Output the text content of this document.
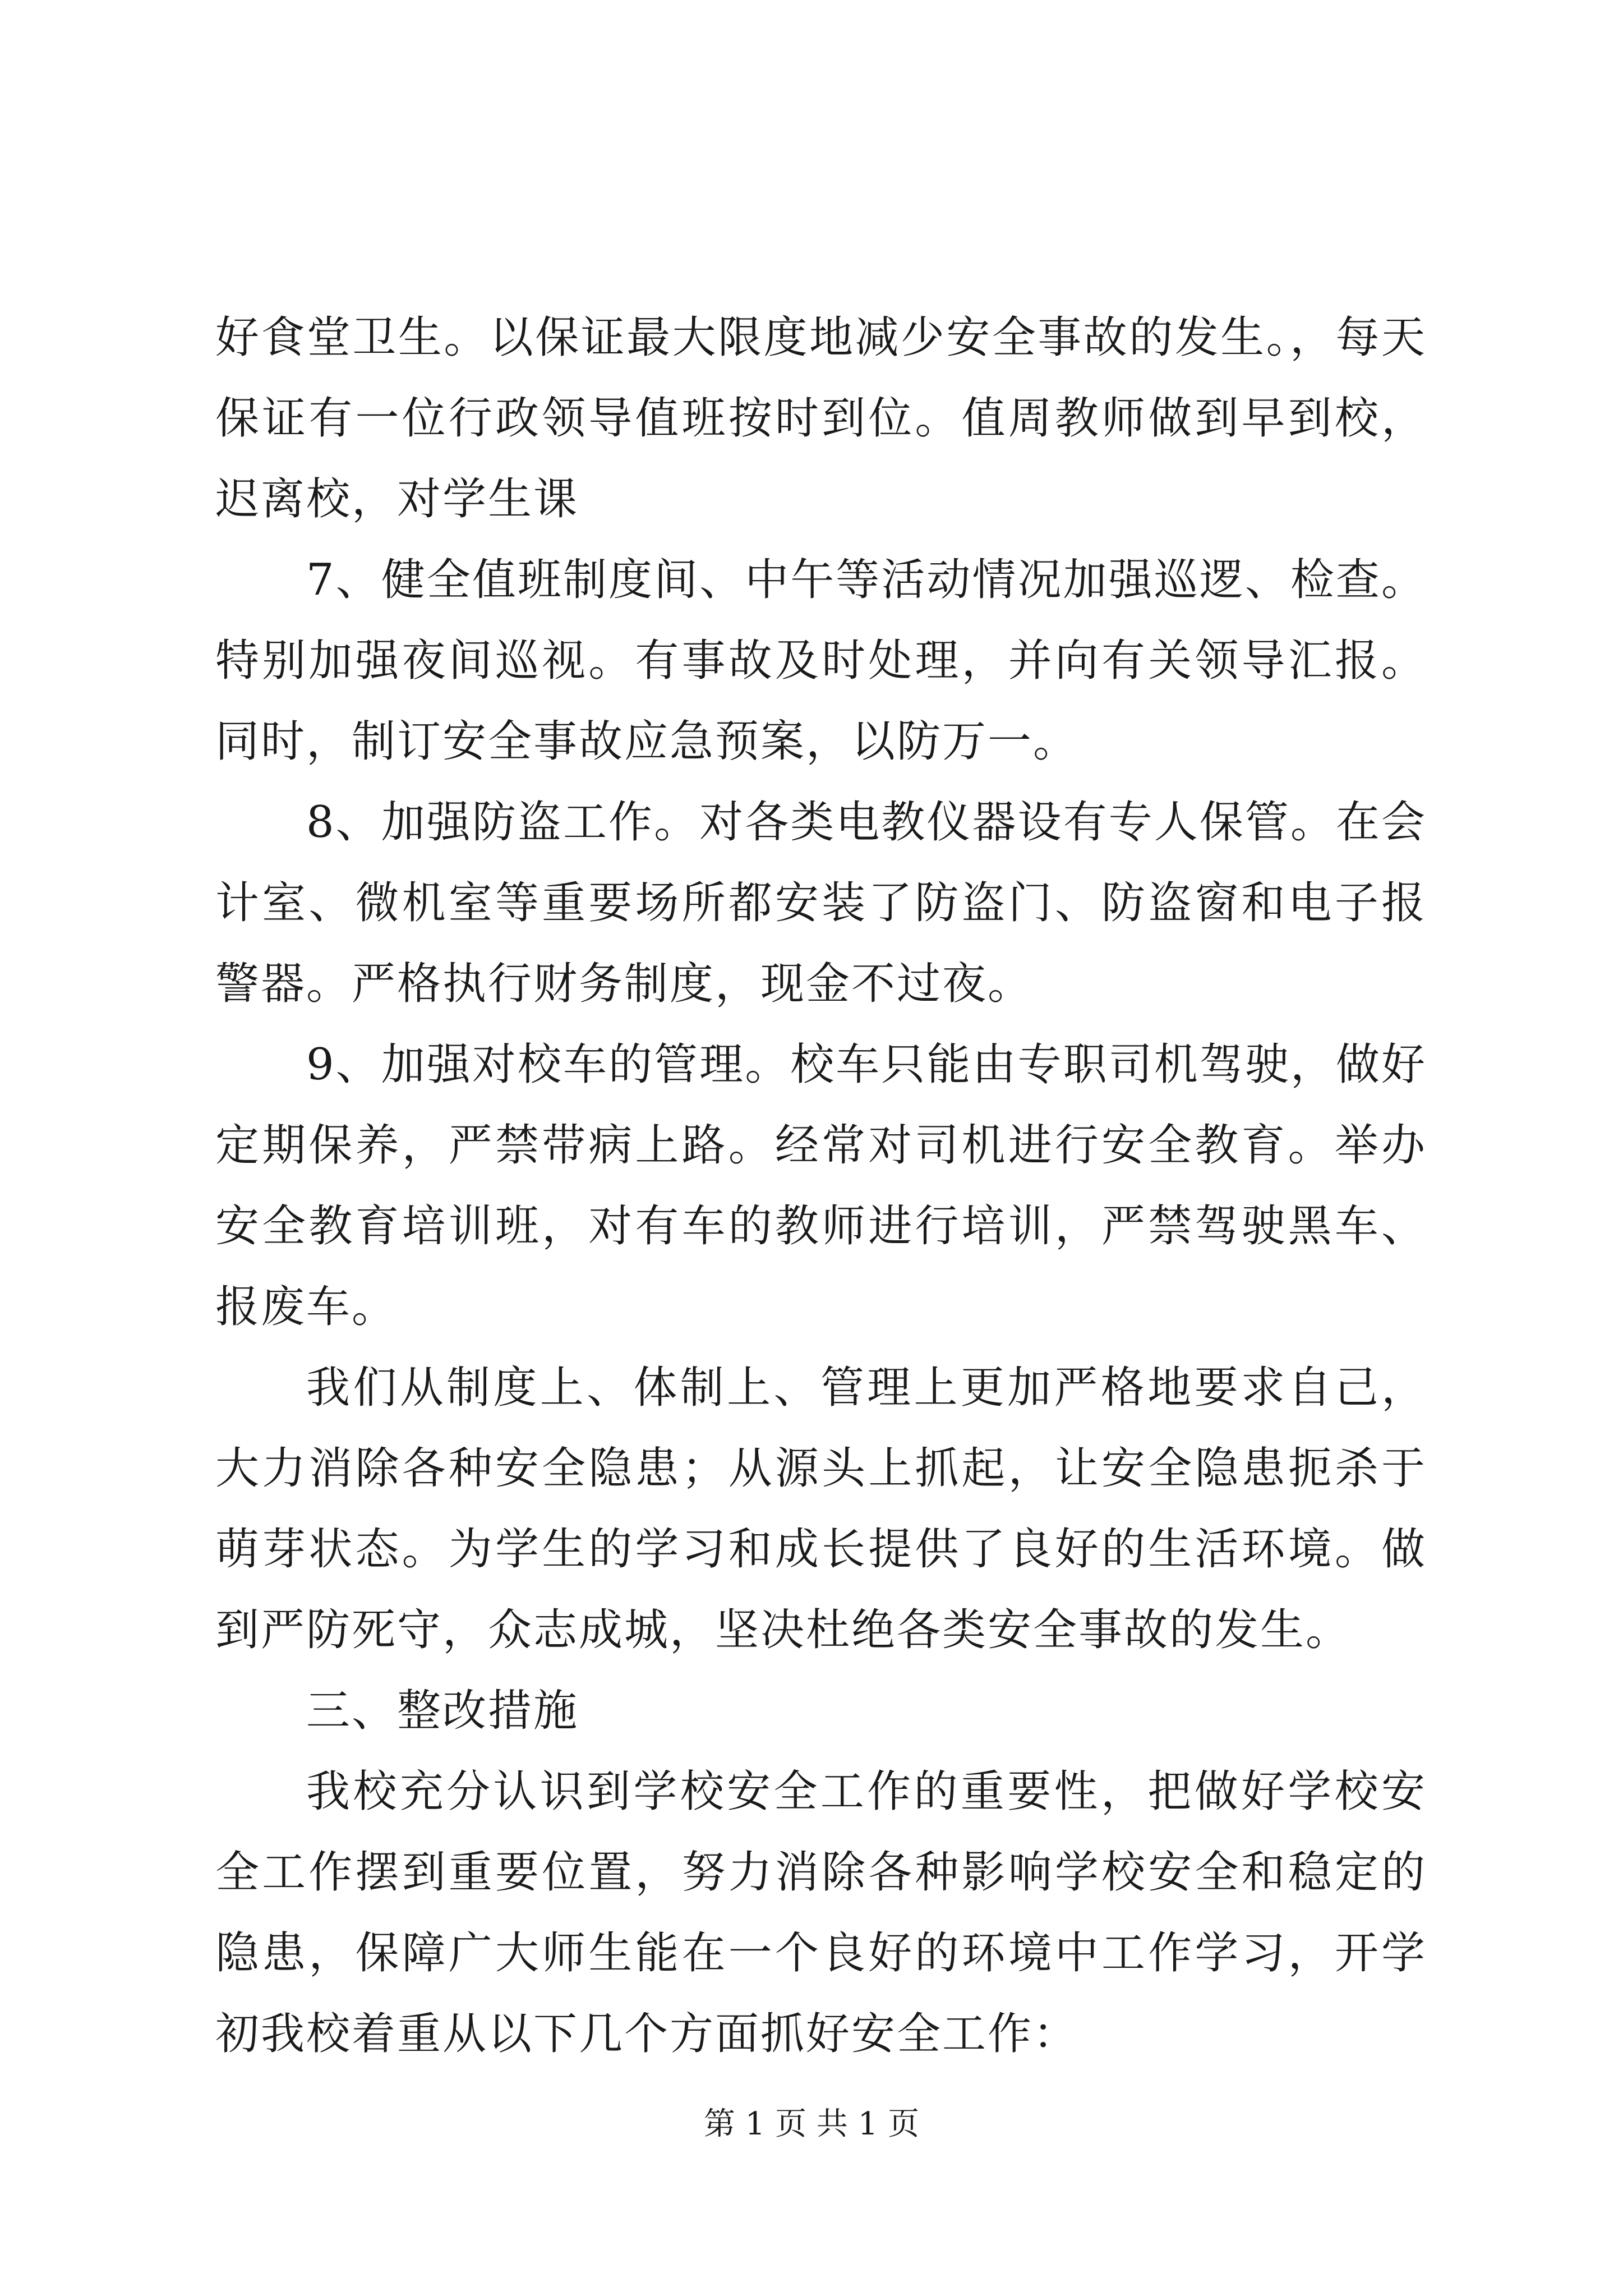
好食堂卫生。以保证最大限度地减少安全事故的发生。，每天保证有一位行政领导值班按时到位。值周教师做到早到校，迟离校，对学生课

7、健全值班制度间、中午等活动情况加强巡逻、检查。特别加强夜间巡视。有事故及时处理，并向有关领导汇报。同时，制订安全事故应急预案，以防万一。

8、加强防盗工作。对各类电教仪器设有专人保管。在会计室、微机室等重要场所都安装了防盗门、防盗窗和电子报警器。严格执行财务制度，现金不过夜。

9、加强对校车的管理。校车只能由专职司机驾驶，做好定期保养，严禁带病上路。经常对司机进行安全教育。举办安全教育培训班，对有车的教师进行培训，严禁驾驶黑车、报废车。

我们从制度上、体制上、管理上更加严格地要求自己，大力消除各种安全隐患；从源头上抓起，让安全隐患扼杀于萌芽状态。为学生的学习和成长提供了良好的生活环境。做到严防死守，众志成城，坚决杜绝各类安全事故的发生。

三、整改措施

我校充分认识到学校安全工作的重要性，把做好学校安全工作摆到重要位置，努力消除各种影响学校安全和稳定的隐患，保障广大师生能在一个良好的环境中工作学习，开学初我校着重从以下几个方面抓好安全工作：

第 1 页 共 1 页
